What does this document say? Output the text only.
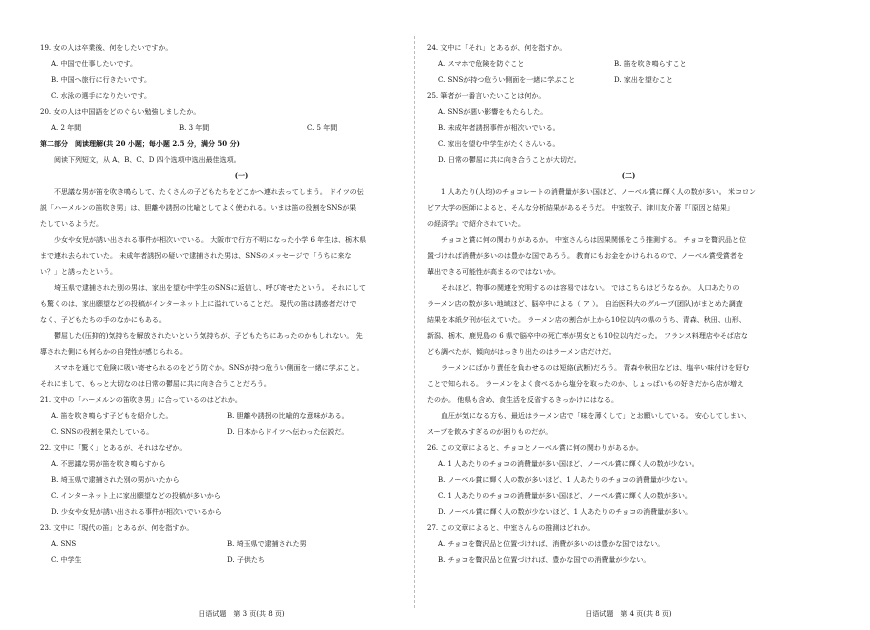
19. 女の人は卒業後、何をしたいですか。

A. 中国で仕事したいです。

B. 中国へ旅行に行きたいです。

C. 水泳の選手になりたいです。

20. 女の人は中国語をどのぐらい勉強しましたか。

A. 2 年間	B. 3 年間	C. 5 年間

第二部分　阅读理解(共 20 小题；每小题 2.5 分，满分 50 分)

阅读下列短文，从 A、B、C、D 四个选项中选出最佳选项。

(一)

不思議な男が笛を吹き鳴らして、たくさんの子どもたちをどこかへ連れ去ってしまう。 ドイツの伝

説「ハーメルンの笛吹き男」は、胆離や誘拐の比喩としてよく使われる。いまは笛の役割をSNSが果

たしているようだ。

少女や女児が誘い出される事件が相次いでいる。 大阪市で行方不明になった小学 6 年生は、栃木県

まで連れ去られていた。 未成年者誘拐の疑いで逮捕された男は、SNSのメッセージで「うちに来な

い？」と誘ったという。

埼玉県で逮捕された別の男は、家出を望む中学生のSNSに返信し、呼び寄せたという。 それにして

も驚くのは、家出願望などの投稿がインターネット上に溢れていることだ。 現代の笛は誘惑者だけで

なく、子どもたちの手のなかにもある。

鬱屈した(压抑的)気持ちを解放されたいという気持ちが、子どもたちにあったのかもしれない。 先

導された側にも何らかの自発性が感じられる。

スマホを通じて危険に吸い寄せられるのをどう防ぐか。SNSが持つ危うい側面を一緒に学ぶこと。

それにまして、もっと大切なのは日常の鬱屈に共に向き合うことだろう。

21. 文中の「ハーメルンの笛吹き男」に合っているのはどれか。

A. 笛を吹き鳴らす子どもを紹介した。	B. 胆離や誘拐の比喩的な意味がある。
C. SNSの役割を果たしている。	D. 日本からドイツへ伝わった伝説だ。

22. 文中に「驚く」とあるが、それはなぜか。

A. 不思議な男が笛を吹き鳴らすから

B. 埼玉県で逮捕された別の男がいたから

C. インターネット上に家出願望などの投稿が多いから

D. 少女や女児が誘い出される事件が相次いでいるから

23. 文中に「現代の笛」とあるが、何を指すか。

A. SNS	B. 埼玉県で逮捕された男
C. 中学生	D. 子供たち

24. 文中に「それ」とあるが、何を指すか。

A. スマホで危険を防ぐこと	B. 笛を吹き鳴らすこと
C. SNSが持つ危うい側面を一緒に学ぶこと	D. 家出を望むこと

25. 筆者が一番言いたいことは何か。

A. SNSが悪い影響をもたらした。

B. 未成年者誘拐事件が相次いでいる。

C. 家出を望む中学生がたくさんいる。

D. 日常の鬱屈に共に向き合うことが大切だ。

(二)

1 人あたり(人均)のチョコレートの消費量が多い国ほど、ノーベル賞に輝く人の数が多い。 米コロン

ビア大学の医師によると、そんな分析結果があるそうだ。 中室牧子、津川友介著『「原因と結果」

の経済学』で紹介されていた。

チョコと賞に何の関わりがあるか。 中室さんらは因果関係をこう推測する。 チョコを贅沢品と位

置づければ消費が多いのは豊かな国であろう。 教育にもお金をかけられるので、ノーベル賞受賞者を

輩出できる可能性が高まるのではないか。

それほど、物事の関連を究明するのは容易ではない。 ではこちらはどうなるか。 人口あたりの

ラーメン店の数が多い地域ほど、脳卒中による（ ア ）。 自治医科大のグループ(团队)がまとめた調査

結果を本紙夕刊が伝えていた。 ラーメン店の割合が上から10位以内の県のうち、青森、秋田、山形、

新潟、栃木、鹿児島の 6 県で脳卒中の死亡率が男女とも10位以内だった。 フランス料理店やそば店な

ども調べたが、傾向がはっきり出たのはラーメン店だけだ。

ラーメンにばかり責任を負わせるのは短絡(武断)だろう。 青森や秋田などは、塩辛い味付けを好む

ことで知られる。 ラーメンをよく食べるから塩分を取ったのか、しょっぱいもの好きだから店が増え

たのか。 他県も含め、食生活を反省するきっかけにはなる。

血圧が気になる方も、最近はラーメン店で「味を薄くして」とお願いしている。 安心してしまい、

スープを飲みすぎるのが困りものだが。

26. この文章によると、チョコとノーベル賞に何の関わりがあるか。

A. 1 人あたりのチョコの消費量が多い国ほど、ノーベル賞に輝く人の数が少ない。

B. ノーベル賞に輝く人の数が多いほど、1 人あたりのチョコの消費量が少ない。

C. 1 人あたりのチョコの消費量が多い国ほど、ノーベル賞に輝く人の数が多い。

D. ノーベル賞に輝く人の数が少ないほど、1 人あたりのチョコの消費量が多い。

27. この文章によると、中室さんらの推測はどれか。

A. チョコを贅沢品と位置づければ、消費が多いのは豊かな国ではない。

B. チョコを贅沢品と位置づければ、豊かな国での消費量が少ない。

日语试题　第 3 页(共 8 页)	日语试题　第 4 页(共 8 页)
